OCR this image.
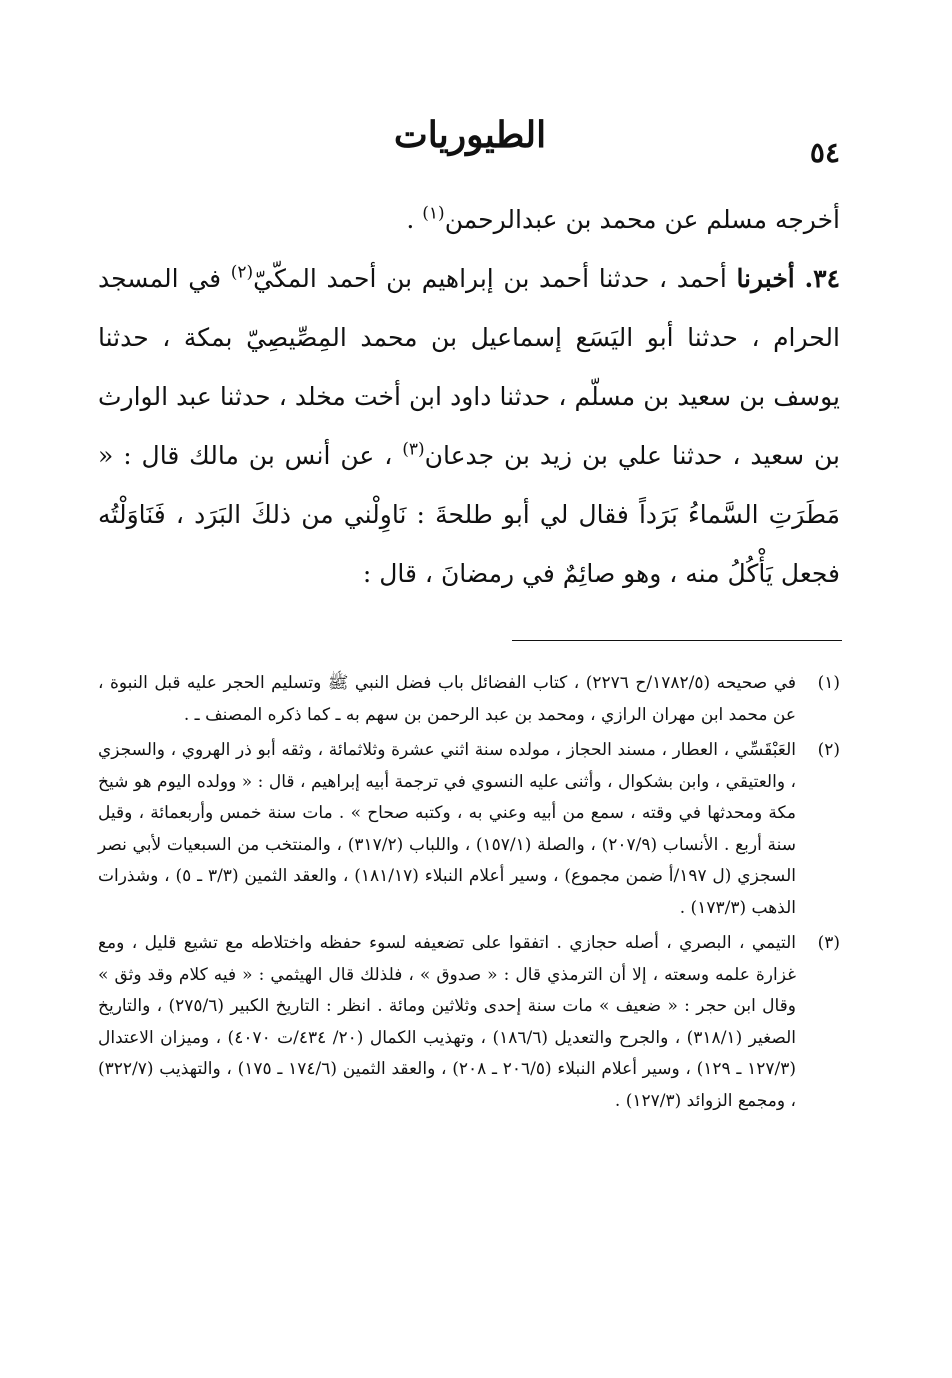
٥٤
الطيوريات

أخرجه مسلم عن محمد بن عبدالرحمن$^{(١)}$ .

٣٤. أخبرنا أحمد ، حدثنا أحمد بن إبراهيم بن أحمد المكّيّ$^{(٢)}$ في المسجد الحرام ، حدثنا أبو اليَسَع إسماعيل بن محمد المِصِّيصِيّ بمكة ، حدثنا يوسف بن سعيد بن مسلّم ، حدثنا داود ابن أخت مخلد ، حدثنا عبد الوارث بن سعيد ، حدثنا علي بن زيد بن جدعان$^{(٣)}$ ، عن أنس بن مالك قال : « مَطَرَتِ السَّماءُ بَرَداً فقال لي أبو طلحةَ : نَاوِلْني من ذلكَ البَرَد ، فَنَاوَلْتُه فجعل يَأْكُلُ منه ، وهو صائِمٌ في رمضانَ ، قال :

(١)
في صحيحه (١٧٨٢/٥/ح ٢٢٧٦) ، كتاب الفضائل باب فضل النبي ﷺ وتسليم الحجر عليه قبل النبوة ، عن محمد ابن مهران الرازي ، ومحمد بن عبد الرحمن بن سهم به ـ كما ذكره المصنف ـ .
(٢)
العَبْقَسِّي ، العطار ، مسند الحجاز ، مولده سنة اثني عشرة وثلاثمائة ، وثقه أبو ذر الهروي ، والسجزي ، والعتيقي ، وابن بشكوال ، وأثنى عليه النسوي في ترجمة أبيه إبراهيم ، قال : « وولده اليوم هو شيخ مكة ومحدثها في وقته ، سمع من أبيه وعني به ، وكتبه صحاح » . مات سنة خمس وأربعمائة ، وقيل سنة أربع . الأنساب (٢٠٧/٩) ، والصلة (١٥٧/١) ، واللباب (٣١٧/٢) ، والمنتخب من السبعيات لأبي نصر السجزي (ل ١٩٧/أ ضمن مجموع) ، وسير أعلام النبلاء (١٨١/١٧) ، والعقد الثمين (٣/٣ ـ ٥) ، وشذرات الذهب (١٧٣/٣) .
(٣)
التيمي ، البصري ، أصله حجازي . اتفقوا على تضعيفه لسوء حفظه واختلاطه مع تشيع قليل ، ومع غزارة علمه وسعته ، إلا أن الترمذي قال : « صدوق » ، فلذلك قال الهيثمي : « فيه كلام وقد وثق » وقال ابن حجر : « ضعيف » مات سنة إحدى وثلاثين ومائة . انظر : التاريخ الكبير (٢٧٥/٦) ، والتاريخ الصغير (٣١٨/١) ، والجرح والتعديل (١٨٦/٦) ، وتهذيب الكمال (٢٠/ ٤٣٤/ت ٤٠٧٠) ، وميزان الاعتدال (١٢٧/٣ ـ ١٢٩) ، وسير أعلام النبلاء (٢٠٦/٥ ـ ٢٠٨) ، والعقد الثمين (١٧٤/٦ ـ ١٧٥) ، والتهذيب (٣٢٢/٧) ، ومجمع الزوائد (١٢٧/٣) .
